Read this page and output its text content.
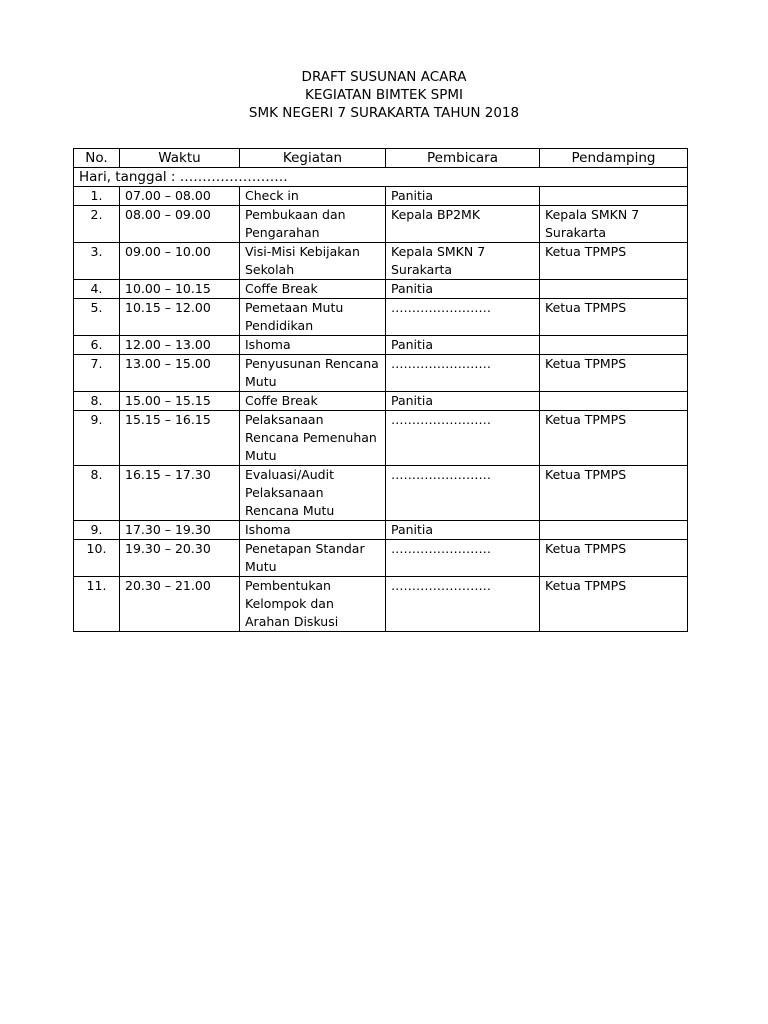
DRAFT SUSUNAN ACARA
KEGIATAN BIMTEK SPMI
SMK NEGERI 7 SURAKARTA TAHUN 2018
No.	Waktu	Kegiatan	Pembicara	Pendamping
Hari, tanggal : ……………………				
1.	07.00 – 08.00	Check in	Panitia	
2.	08.00 – 09.00	Pembukaan dan Pengarahan	Kepala BP2MK	Kepala SMKN 7 Surakarta
3.	09.00 – 10.00	Visi-Misi Kebijakan Sekolah	Kepala SMKN 7 Surakarta	Ketua TPMPS
4.	10.00 – 10.15	Coffe Break	Panitia	
5.	10.15 – 12.00	Pemetaan Mutu Pendidikan	……………………	Ketua TPMPS
6.	12.00 – 13.00	Ishoma	Panitia	
7.	13.00 – 15.00	Penyusunan Rencana Mutu	……………………	Ketua TPMPS
8.	15.00 – 15.15	Coffe Break	Panitia	
9.	15.15 – 16.15	Pelaksanaan Rencana Pemenuhan Mutu	……………………	Ketua TPMPS
8.	16.15 – 17.30	Evaluasi/Audit Pelaksanaan Rencana Mutu	……………………	Ketua TPMPS
9.	17.30 – 19.30	Ishoma	Panitia	
10.	19.30 – 20.30	Penetapan Standar Mutu	……………………	Ketua TPMPS
11.	20.30 – 21.00	Pembentukan Kelompok dan Arahan Diskusi	……………………	Ketua TPMPS
